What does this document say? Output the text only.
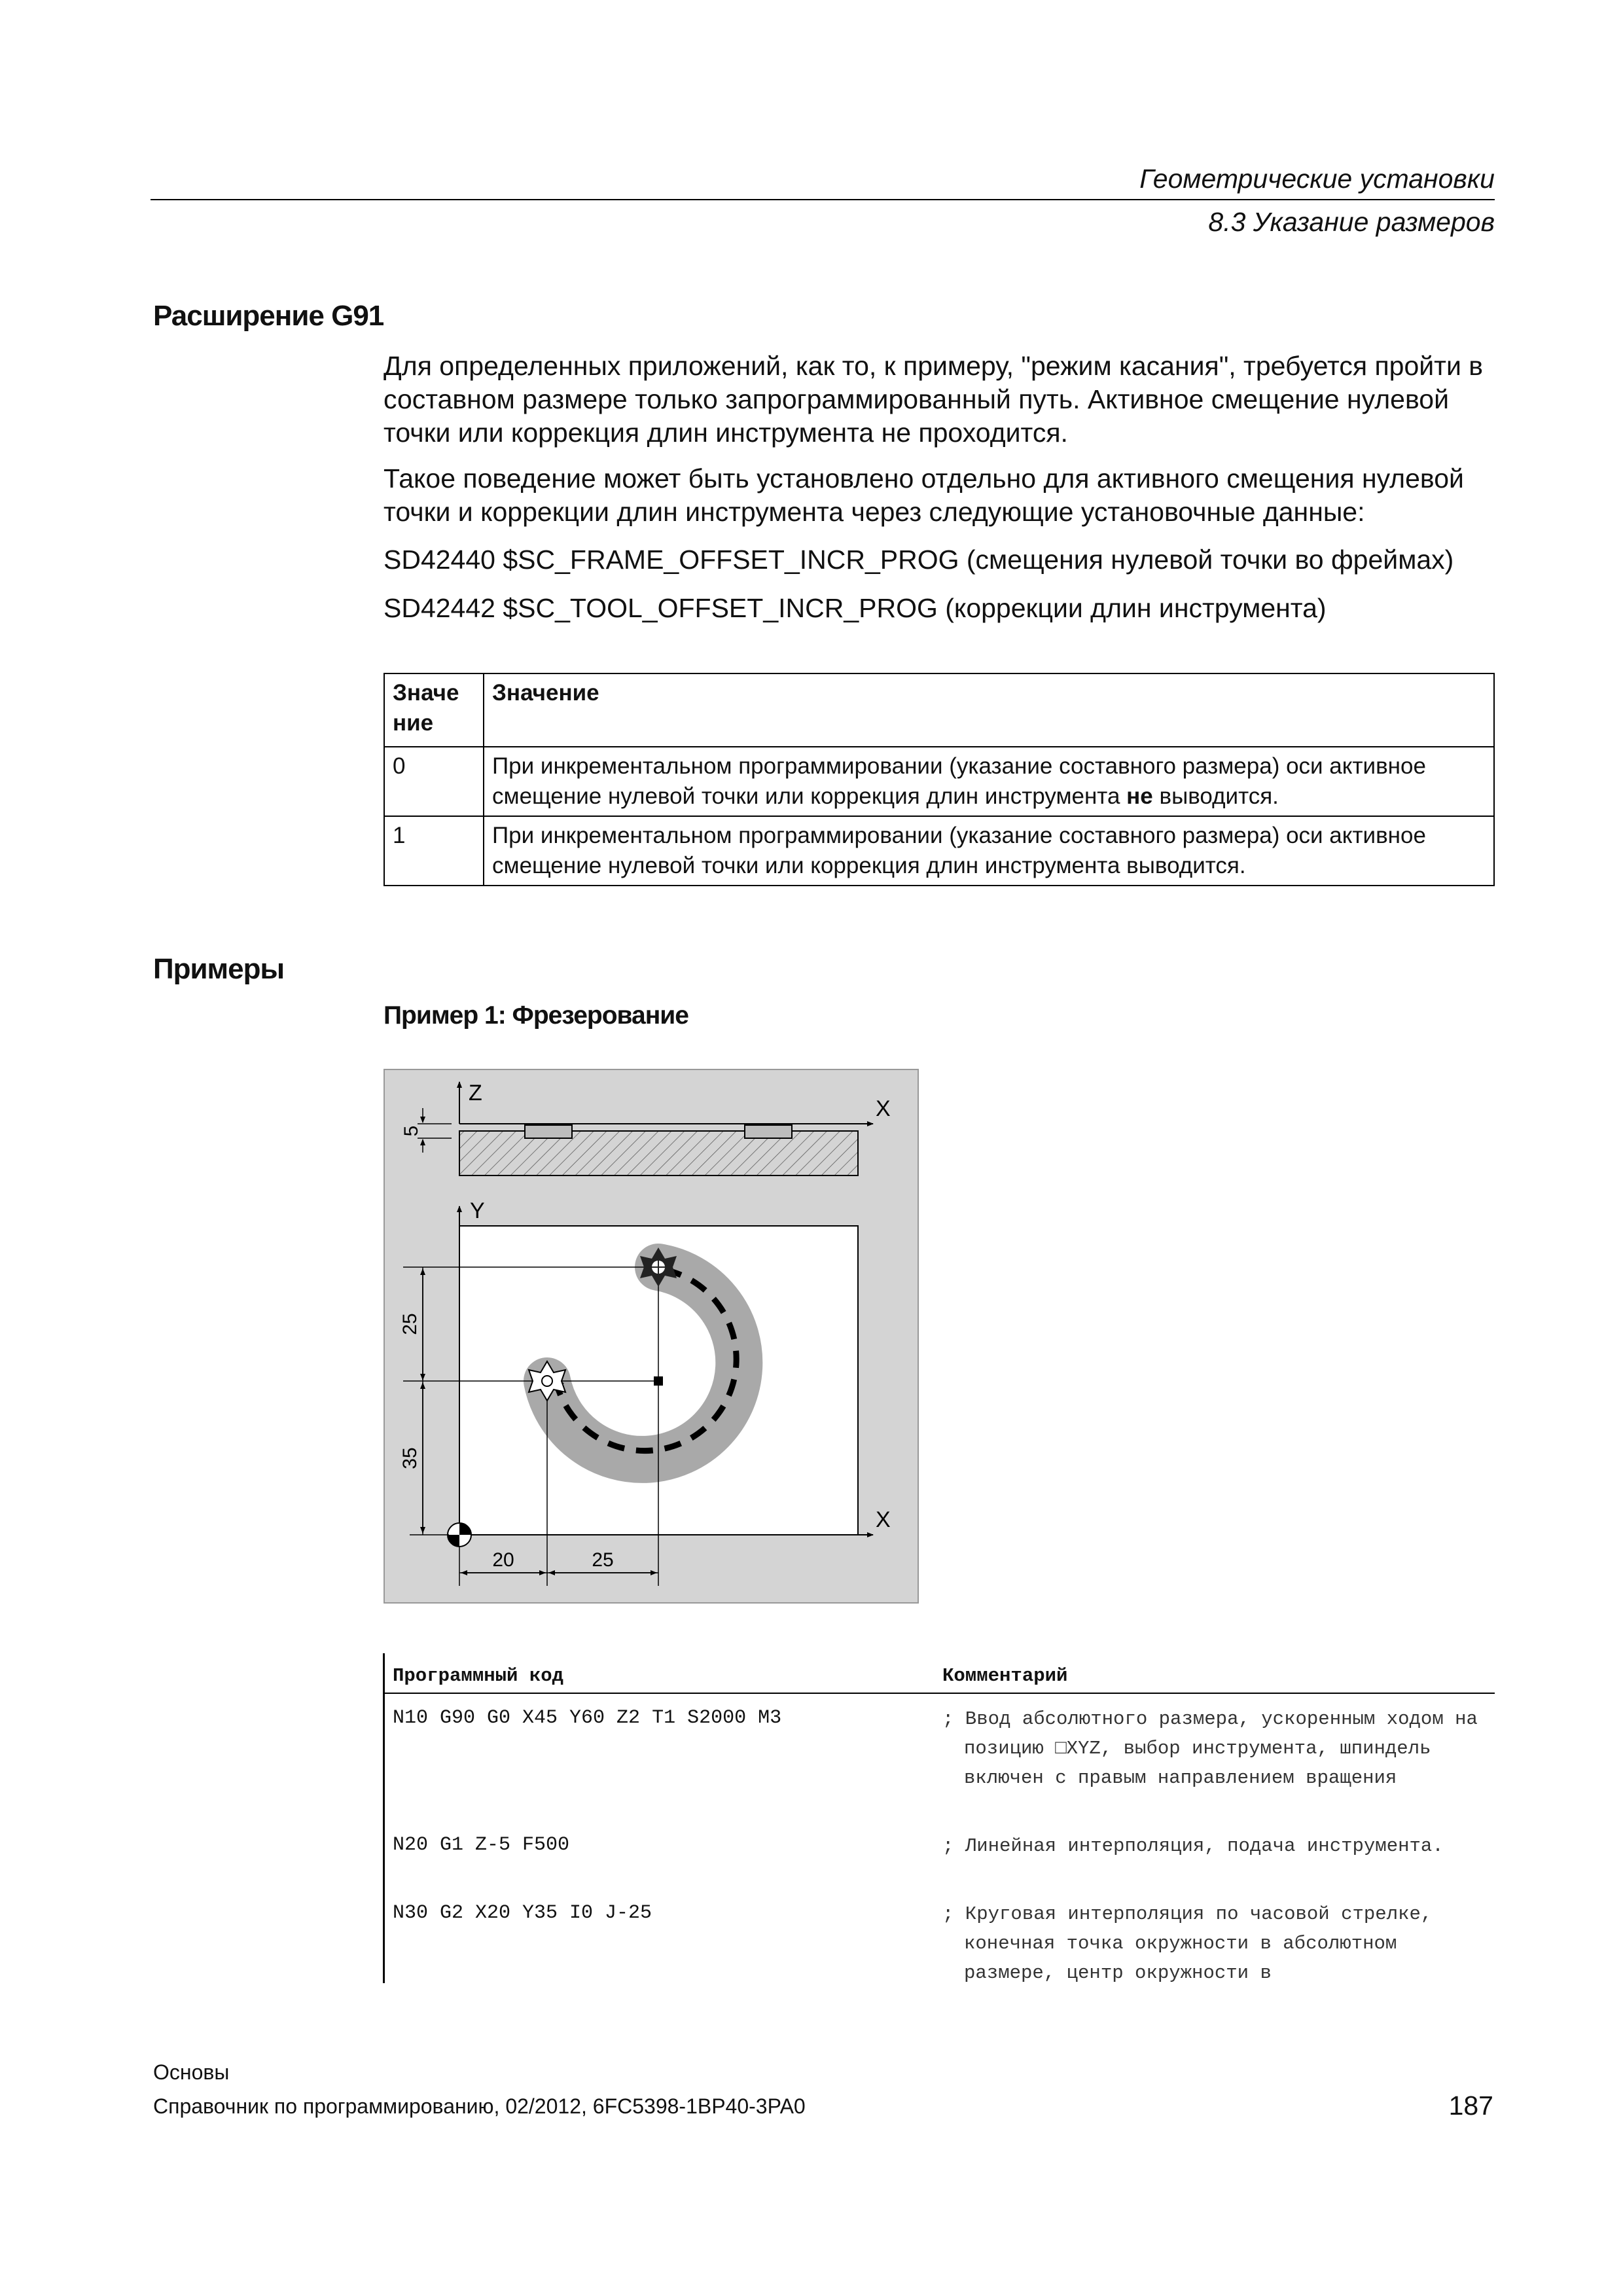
Геометрические установки
8.3 Указание размеров
Расширение G91
Для определенных приложений, как то, к примеру, "режим касания", требуется пройти в составном размере только запрограммированный путь. Активное смещение нулевой точки или коррекция длин инструмента не проходится.
Такое поведение может быть установлено отдельно для активного смещения нулевой точки и коррекции длин инструмента через следующие установочные данные:
SD42440 $SC_FRAME_OFFSET_INCR_PROG (смещения нулевой точки во фреймах)
SD42442 $SC_TOOL_OFFSET_INCR_PROG (коррекции длин инструмента)
Значе ние	Значение
0	При инкрементальном программировании (указание составного размера) оси активное смещение нулевой точки или коррекция длин инструмента не выводится.
1	При инкрементальном программировании (указание составного размера) оси активное смещение нулевой точки или коррекция длин инструмента выводится.
Примеры
Пример 1: Фрезерование
Z
X
5
Y
X
25
35
20	25
Программный код	Комментарий
N10 G90 G0 X45 Y60 Z2 T1 S2000 M3	; Ввод абсолютного размера, ускоренным ходом на позицию □XYZ, выбор инструмента, шпиндель включен с правым направлением вращения
N20 G1 Z-5 F500	; Линейная интерполяция, подача инструмента.
N30 G2 X20 Y35 I0 J-25	; Круговая интерполяция по часовой стрелке, конечная точка окружности в абсолютном размере, центр окружности в
Основы
Справочник по программированию, 02/2012, 6FC5398-1BP40-3PA0	187
